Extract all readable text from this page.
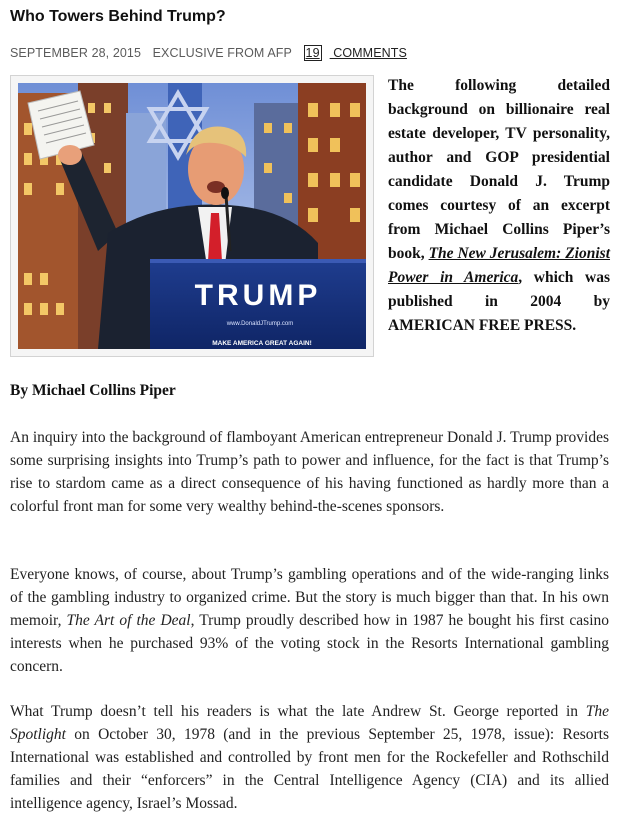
Who Towers Behind Trump?
SEPTEMBER 28, 2015 EXCLUSIVE FROM AFP 19 COMMENTS
TRUMP
www.DonaldJTrump.com
MAKE AMERICA GREAT AGAIN!

The following detailed background on billionaire real estate developer, TV personality, author and GOP presidential candidate Donald J. Trump comes courtesy of an excerpt from Michael Collins Piper’s book, The New Jerusalem: Zionist Power in America, which was published in 2004 by AMERICAN FREE PRESS.

By Michael Collins Piper

An inquiry into the background of flamboyant American entrepreneur Donald J. Trump provides some surprising insights into Trump’s path to power and influence, for the fact is that Trump’s rise to stardom came as a direct consequence of his having functioned as hardly more than a colorful front man for some very wealthy behind-the-scenes sponsors.

Everyone knows, of course, about Trump’s gambling operations and of the wide-ranging links of the gambling industry to organized crime. But the story is much bigger than that. In his own memoir, The Art of the Deal, Trump proudly described how in 1987 he bought his first casino interests when he purchased 93% of the voting stock in the Resorts International gambling concern.

What Trump doesn’t tell his readers is what the late Andrew St. George reported in The Spotlight on October 30, 1978 (and in the previous September 25, 1978, issue): Resorts International was established and controlled by front men for the Rockefeller and Rothschild families and their “enforcers” in the Central Intelligence Agency (CIA) and its allied intelligence agency, Israel’s Mossad.
